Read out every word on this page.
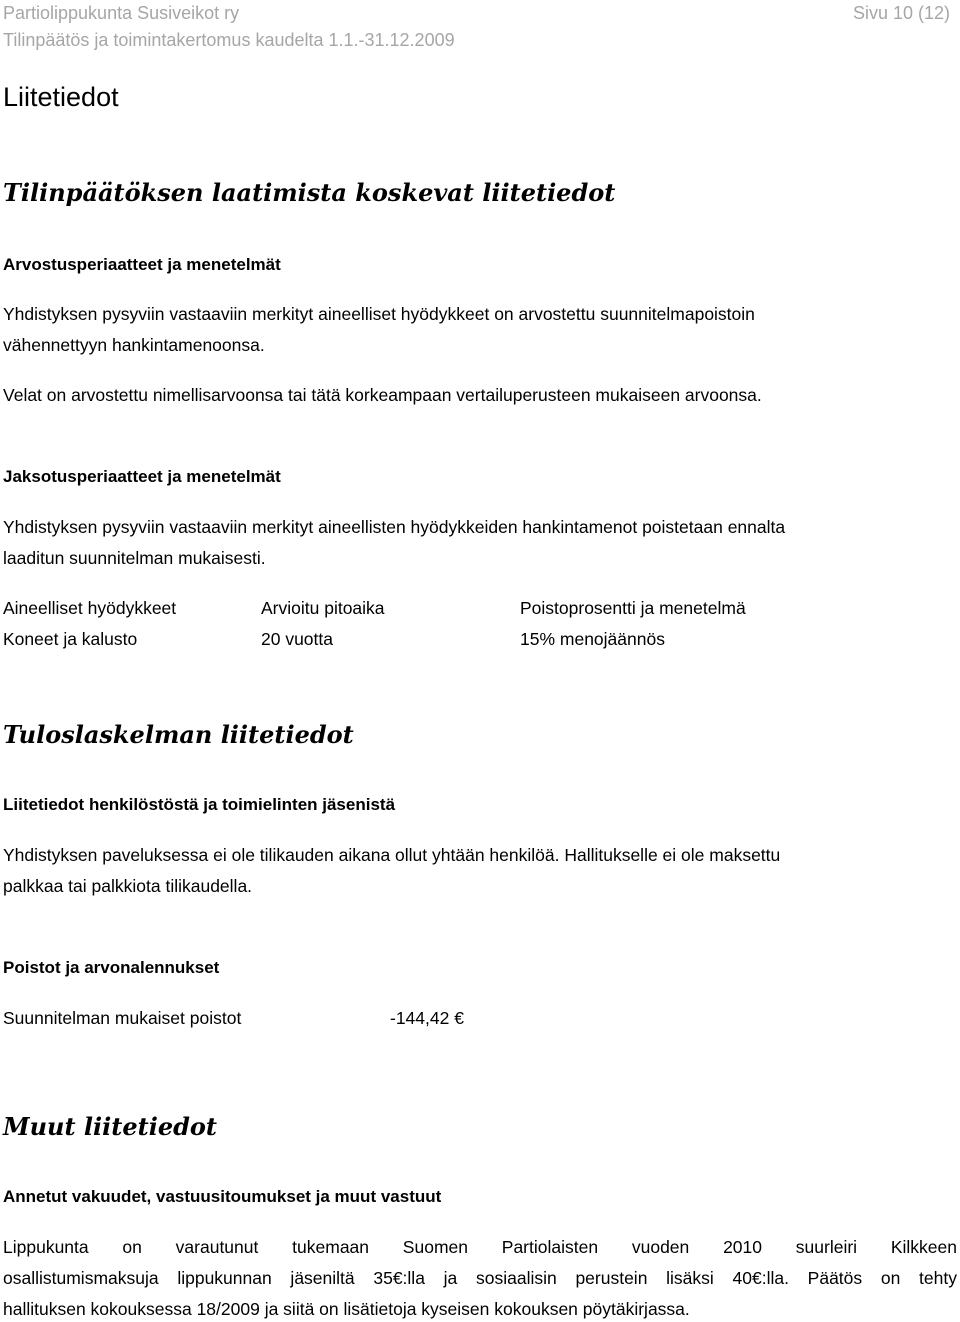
Partiolippukunta Susiveikot ry	Sivu 10 (12)
Tilinpäätös ja toimintakertomus kaudelta 1.1.-31.12.2009
Liitetiedot
Tilinpäätöksen laatimista koskevat liitetiedot
Arvostusperiaatteet ja menetelmät
Yhdistyksen pysyviin vastaaviin merkityt aineelliset hyödykkeet on arvostettu suunnitelmapoistoin
vähennettyyn hankintamenoonsa.
Velat on arvostettu nimellisarvoonsa tai tätä korkeampaan vertailuperusteen mukaiseen arvoonsa.
Jaksotusperiaatteet ja menetelmät
Yhdistyksen pysyviin vastaaviin merkityt aineellisten hyödykkeiden hankintamenot poistetaan ennalta
laaditun suunnitelman mukaisesti.
Aineelliset hyödykkeet	Arvioitu pitoaika	Poistoprosentti ja menetelmä
Koneet ja kalusto	20 vuotta	15% menojäännös
Tuloslaskelman liitetiedot
Liitetiedot henkilöstöstä ja toimielinten jäsenistä
Yhdistyksen paveluksessa ei ole tilikauden aikana ollut yhtään henkilöä. Hallitukselle ei ole maksettu
palkkaa tai palkkiota tilikaudella.
Poistot ja arvonalennukset
Suunnitelman mukaiset poistot	-144,42 €
Muut liitetiedot
Annetut vakuudet, vastuusitoumukset ja muut vastuut
Lippukunta on varautunut tukemaan Suomen Partiolaisten vuoden 2010 suurleiri Kilkkeen
osallistumismaksuja lippukunnan jäseniltä 35€:lla ja sosiaalisin perustein lisäksi 40€:lla. Päätös on tehty
hallituksen kokouksessa 18/2009 ja siitä on lisätietoja kyseisen kokouksen pöytäkirjassa.
